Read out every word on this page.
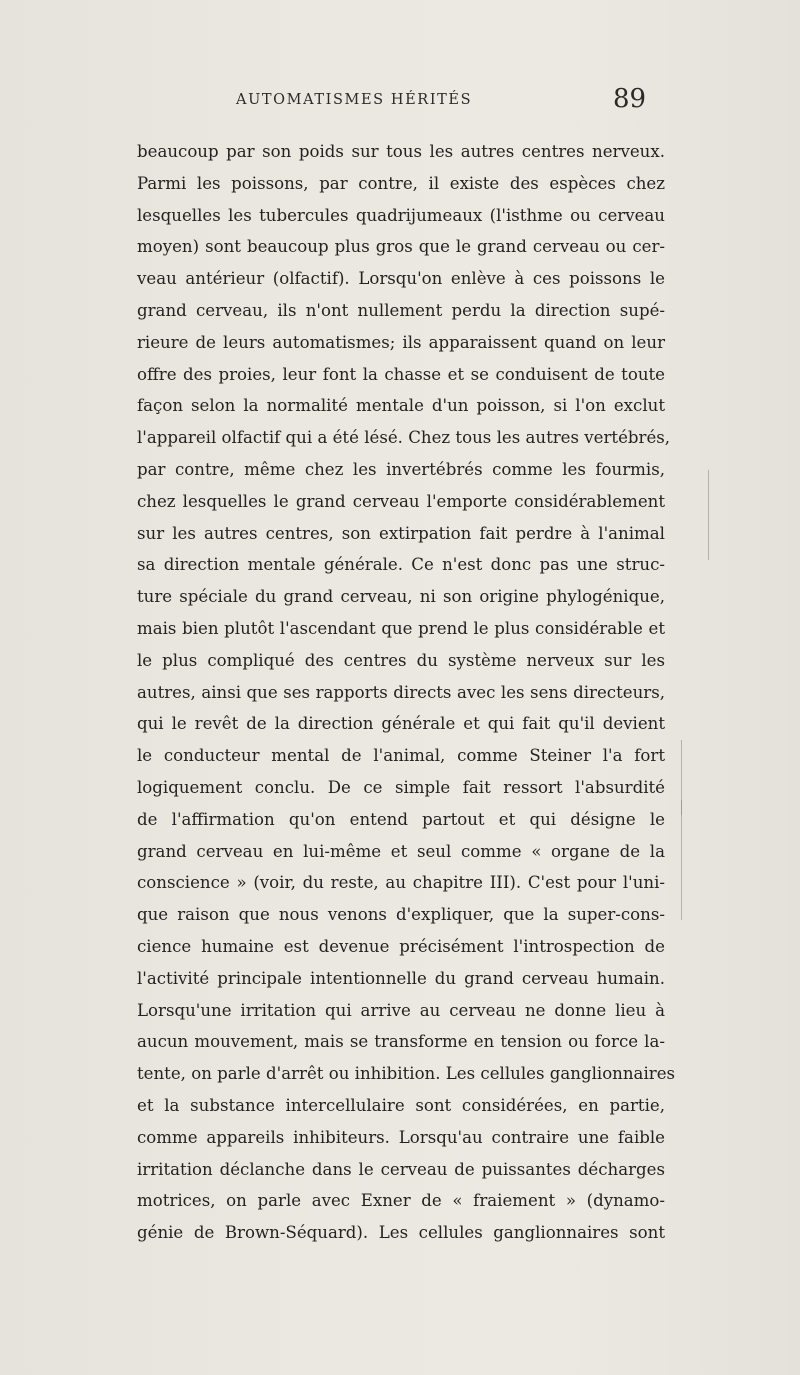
AUTOMATISMES HÉRITÉS	89
beaucoup par son poids sur tous les autres centres nerveux.
Parmi les poissons, par contre, il existe des espèces chez
lesquelles les tubercules quadrijumeaux (l'isthme ou cerveau
moyen) sont beaucoup plus gros que le grand cerveau ou cer-
veau antérieur (olfactif). Lorsqu'on enlève à ces poissons le
grand cerveau, ils n'ont nullement perdu la direction supé-
rieure de leurs automatismes; ils apparaissent quand on leur
offre des proies, leur font la chasse et se conduisent de toute
façon selon la normalité mentale d'un poisson, si l'on exclut
l'appareil olfactif qui a été lésé. Chez tous les autres vertébrés,
par contre, même chez les invertébrés comme les fourmis,
chez lesquelles le grand cerveau l'emporte considérablement
sur les autres centres, son extirpation fait perdre à l'animal
sa direction mentale générale. Ce n'est donc pas une struc-
ture spéciale du grand cerveau, ni son origine phylogénique,
mais bien plutôt l'ascendant que prend le plus considérable et
le plus compliqué des centres du système nerveux sur les
autres, ainsi que ses rapports directs avec les sens directeurs,
qui le revêt de la direction générale et qui fait qu'il devient
le conducteur mental de l'animal, comme Steiner l'a fort
logiquement conclu. De ce simple fait ressort l'absurdité
de l'affirmation qu'on entend partout et qui désigne le
grand cerveau en lui-même et seul comme « organe de la
conscience » (voir, du reste, au chapitre III). C'est pour l'uni-
que raison que nous venons d'expliquer, que la super-cons-
cience humaine est devenue précisément l'introspection de
l'activité principale intentionnelle du grand cerveau humain.
Lorsqu'une irritation qui arrive au cerveau ne donne lieu à
aucun mouvement, mais se transforme en tension ou force la-
tente, on parle d'arrêt ou inhibition. Les cellules ganglionnaires
et la substance intercellulaire sont considérées, en partie,
comme appareils inhibiteurs. Lorsqu'au contraire une faible
irritation déclanche dans le cerveau de puissantes décharges
motrices, on parle avec Exner de « fraiement » (dynamo-
génie de Brown-Séquard). Les cellules ganglionnaires sont
